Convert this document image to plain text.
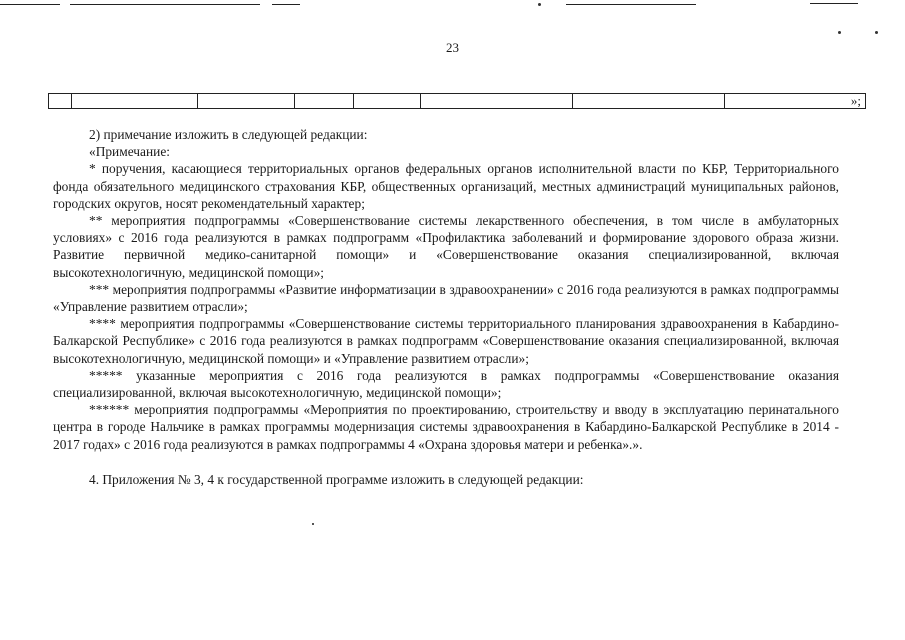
23
							»;

2) примечание изложить в следующей редакции:

«Примечание:

* поручения, касающиеся территориальных органов федеральных органов исполнительной власти по КБР, Территориального фонда обязательного медицинского страхования КБР, общественных организаций, местных администраций муниципальных районов, городских округов, носят рекомендательный характер;

** мероприятия подпрограммы «Совершенствование системы лекарственного обеспечения, в том числе в амбулаторных условиях» с 2016 года реализуются в рамках подпрограмм «Профилактика заболеваний и формирование здорового образа жизни. Развитие первичной медико-санитарной помощи» и «Совершенствование оказания специализированной, включая высокотехнологичную, медицинской помощи»;

*** мероприятия подпрограммы «Развитие информатизации в здравоохранении» с 2016 года реализуются в рамках подпрограммы «Управление развитием отрасли»;

**** мероприятия подпрограммы «Совершенствование системы территориального планирования здравоохранения в Кабардино-Балкарской Республике» с 2016 года реализуются в рамках подпрограмм «Совершенствование оказания специализированной, включая высокотехнологичную, медицинской помощи» и «Управление развитием отрасли»;

***** указанные мероприятия с 2016 года реализуются в рамках подпрограммы «Совершенствование оказания специализированной, включая высокотехнологичную, медицинской помощи»;

****** мероприятия подпрограммы «Мероприятия по проектированию, строительству и вводу в эксплуатацию перинатального центра в городе Нальчике в рамках программы модернизация системы здравоохранения в Кабардино-Балкарской Республике в 2014 - 2017 годах» с 2016 года реализуются в рамках подпрограммы 4 «Охрана здоровья матери и ребенка».».

4. Приложения № 3, 4 к государственной программе изложить в следующей редакции:
